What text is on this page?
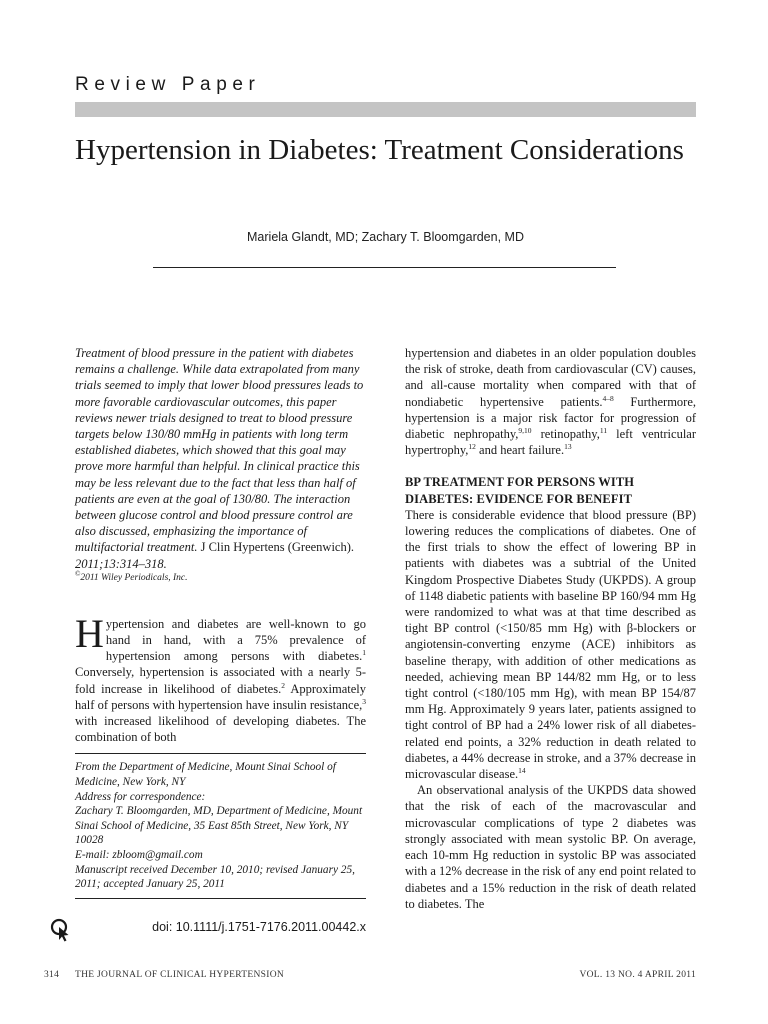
Review Paper
Hypertension in Diabetes: Treatment Considerations
Mariela Glandt, MD; Zachary T. Bloomgarden, MD

Treatment of blood pressure in the patient with diabetes remains a challenge. While data extrapolated from many trials seemed to imply that lower blood pressures leads to more favorable cardiovascular outcomes, this paper reviews newer trials designed to treat to blood pressure targets below 130/80 mmHg in patients with long term established diabetes, which showed that this goal may prove more harmful than helpful. In clinical practice this may be less relevant due to the fact that less than half of patients are even at the goal of 130/80. The interaction between glucose control and blood pressure control are also discussed, emphasizing the importance of multifactorial treatment. J Clin Hypertens (Greenwich). 2011;13:314–318.

©2011 Wiley Periodicals, Inc.

Hypertension and diabetes are well-known to go hand in hand, with a 75% prevalence of hypertension among persons with diabetes.$^1$ Conversely, hypertension is associated with a nearly 5-fold increase in likelihood of diabetes.$^2$ Approximately half of persons with hypertension have insulin resistance,$^3$ with increased likelihood of developing diabetes. The combination of both

From the Department of Medicine, Mount Sinai School of Medicine, New York, NY

Address for correspondence:

Zachary T. Bloomgarden, MD, Department of Medicine, Mount Sinai School of Medicine, 35 East 85th Street, New York, NY 10028

E-mail: zbloom@gmail.com

Manuscript received December 10, 2010; revised January 25, 2011; accepted January 25, 2011

doi: 10.1111/j.1751-7176.2011.00442.x

hypertension and diabetes in an older population doubles the risk of stroke, death from cardiovascular (CV) causes, and all-cause mortality when compared with that of nondiabetic hypertensive patients.$^{4-8}$ Furthermore, hypertension is a major risk factor for progression of diabetic nephropathy,$^{9,10}$ retinopathy,$^{11}$ left ventricular hypertrophy,$^{12}$ and heart failure.$^{13}$

BP TREATMENT FOR PERSONS WITH DIABETES: EVIDENCE FOR BENEFIT

There is considerable evidence that blood pressure (BP) lowering reduces the complications of diabetes. One of the first trials to show the effect of lowering BP in patients with diabetes was a subtrial of the United Kingdom Prospective Diabetes Study (UKPDS). A group of 1148 diabetic patients with baseline BP 160/94 mm Hg were randomized to what was at that time described as tight BP control (<150/85 mm Hg) with β-blockers or angiotensin-converting enzyme (ACE) inhibitors as baseline therapy, with addition of other medications as needed, achieving mean BP 144/82 mm Hg, or to less tight control (<180/105 mm Hg), with mean BP 154/87 mm Hg. Approximately 9 years later, patients assigned to tight control of BP had a 24% lower risk of all diabetes-related end points, a 32% reduction in death related to diabetes, a 44% decrease in stroke, and a 37% decrease in microvascular disease.$^{14}$

An observational analysis of the UKPDS data showed that the risk of each of the macrovascular and microvascular complications of type 2 diabetes was strongly associated with mean systolic BP. On average, each 10-mm Hg reduction in systolic BP was associated with a 12% decrease in the risk of any end point related to diabetes and a 15% reduction in the risk of death related to diabetes. The

314 THE JOURNAL OF CLINICAL HYPERTENSION	VOL. 13 NO. 4 APRIL 2011
